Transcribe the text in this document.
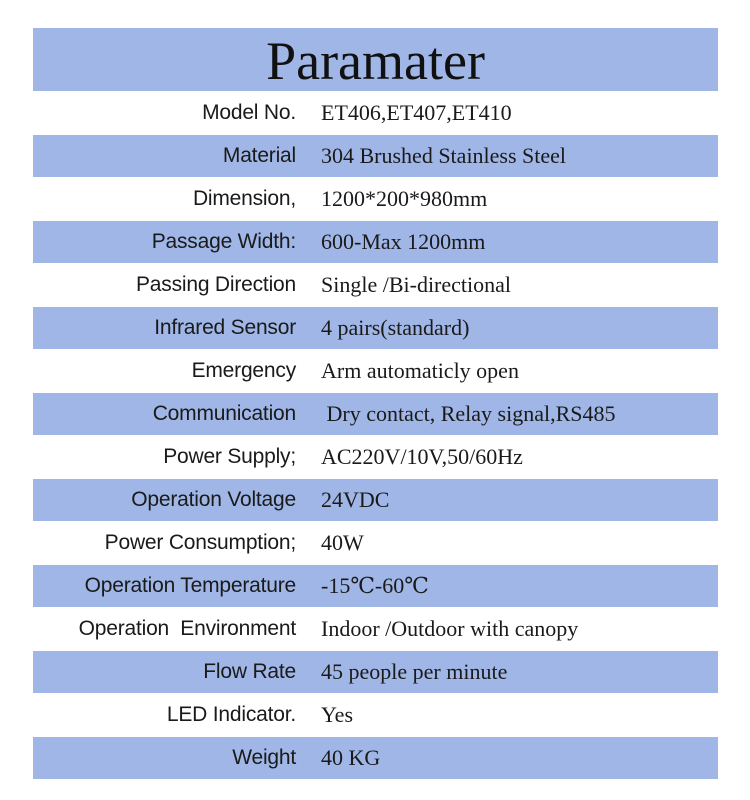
Paramater
Model No.	ET406,ET407,ET410
Material	304 Brushed Stainless Steel
Dimension,	1200*200*980mm
Passage Width:	600-Max 1200mm
Passing Direction	Single /Bi-directional
Infrared Sensor	4 pairs(standard)
Emergency	Arm automaticly open
Communication	Dry contact, Relay signal,RS485
Power Supply;	AC220V/10V,50/60Hz
Operation Voltage	24VDC
Power Consumption;	40W
Operation Temperature	-15℃-60℃
Operation  Environment	Indoor /Outdoor with canopy
Flow Rate	45 people per minute
LED Indicator.	Yes
Weight	40 KG
